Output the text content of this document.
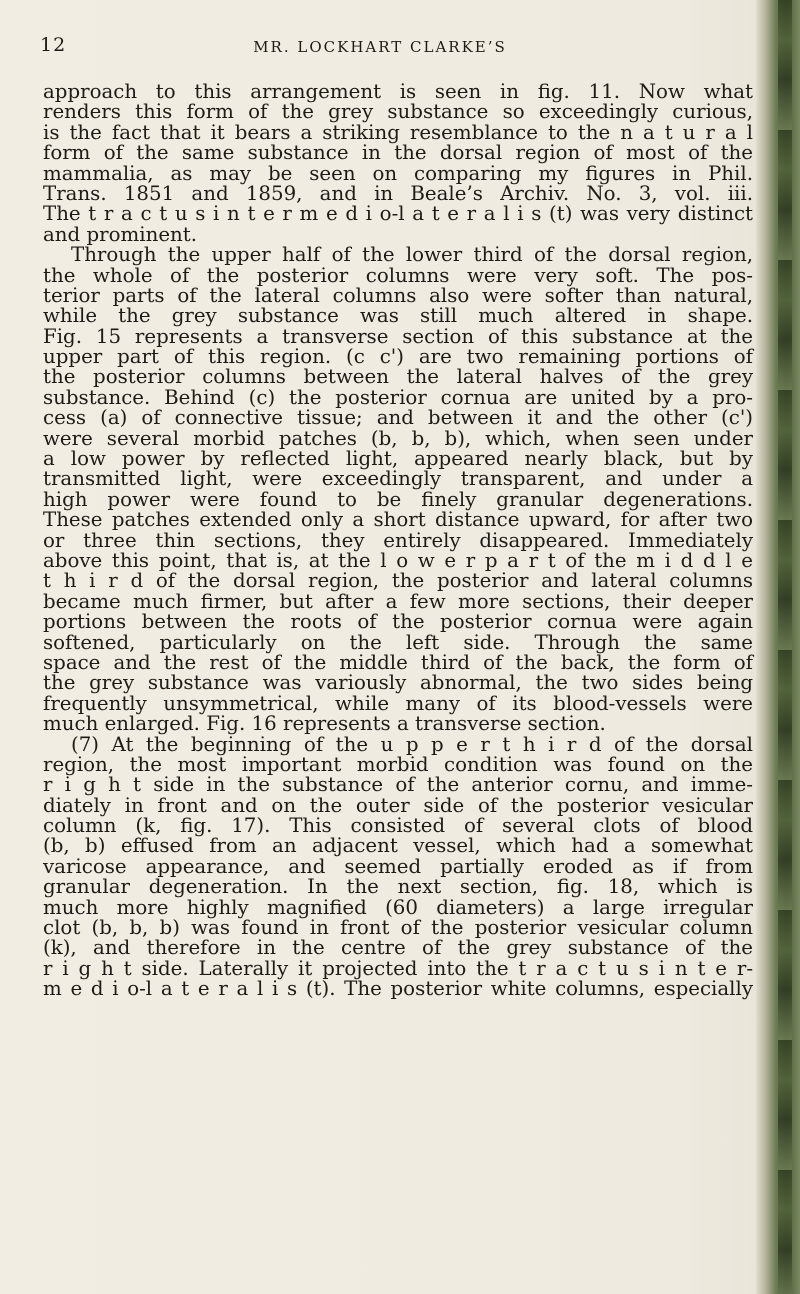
12	MR. LOCKHART CLARKE’S
approach to this arrangement is seen in fig. 11. Now what
renders this form of the grey substance so exceedingly curious,
is the fact that it bears a striking resemblance to the n a t u r a l
form of the same substance in the dorsal region of most of the
mammalia, as may be seen on comparing my figures in Phil.
Trans. 1851 and 1859, and in Beale’s Archiv. No. 3, vol. iii.
The t r a c t u s i n t e r m e d i o-l a t e r a l i s (t) was very distinct
and prominent.
Through the upper half of the lower third of the dorsal region,
the whole of the posterior columns were very soft. The pos-
terior parts of the lateral columns also were softer than natural,
while the grey substance was still much altered in shape.
Fig. 15 represents a transverse section of this substance at the
upper part of this region. (c c') are two remaining portions of
the posterior columns between the lateral halves of the grey
substance. Behind (c) the posterior cornua are united by a pro-
cess (a) of connective tissue; and between it and the other (c')
were several morbid patches (b, b, b), which, when seen under
a low power by reflected light, appeared nearly black, but by
transmitted light, were exceedingly transparent, and under a
high power were found to be finely granular degenerations.
These patches extended only a short distance upward, for after two
or three thin sections, they entirely disappeared. Immediately
above this point, that is, at the l o w e r p a r t of the m i d d l e
t h i r d of the dorsal region, the posterior and lateral columns
became much firmer, but after a few more sections, their deeper
portions between the roots of the posterior cornua were again
softened, particularly on the left side. Through the same
space and the rest of the middle third of the back, the form of
the grey substance was variously abnormal, the two sides being
frequently unsymmetrical, while many of its blood-vessels were
much enlarged. Fig. 16 represents a transverse section.
(7) At the beginning of the u p p e r t h i r d of the dorsal
region, the most important morbid condition was found on the
r i g h t side in the substance of the anterior cornu, and imme-
diately in front and on the outer side of the posterior vesicular
column (k, fig. 17). This consisted of several clots of blood
(b, b) effused from an adjacent vessel, which had a somewhat
varicose appearance, and seemed partially eroded as if from
granular degeneration. In the next section, fig. 18, which is
much more highly magnified (60 diameters) a large irregular
clot (b, b, b) was found in front of the posterior vesicular column
(k), and therefore in the centre of the grey substance of the
r i g h t side. Laterally it projected into the t r a c t u s i n t e r-
m e d i o-l a t e r a l i s (t). The posterior white columns, especially
